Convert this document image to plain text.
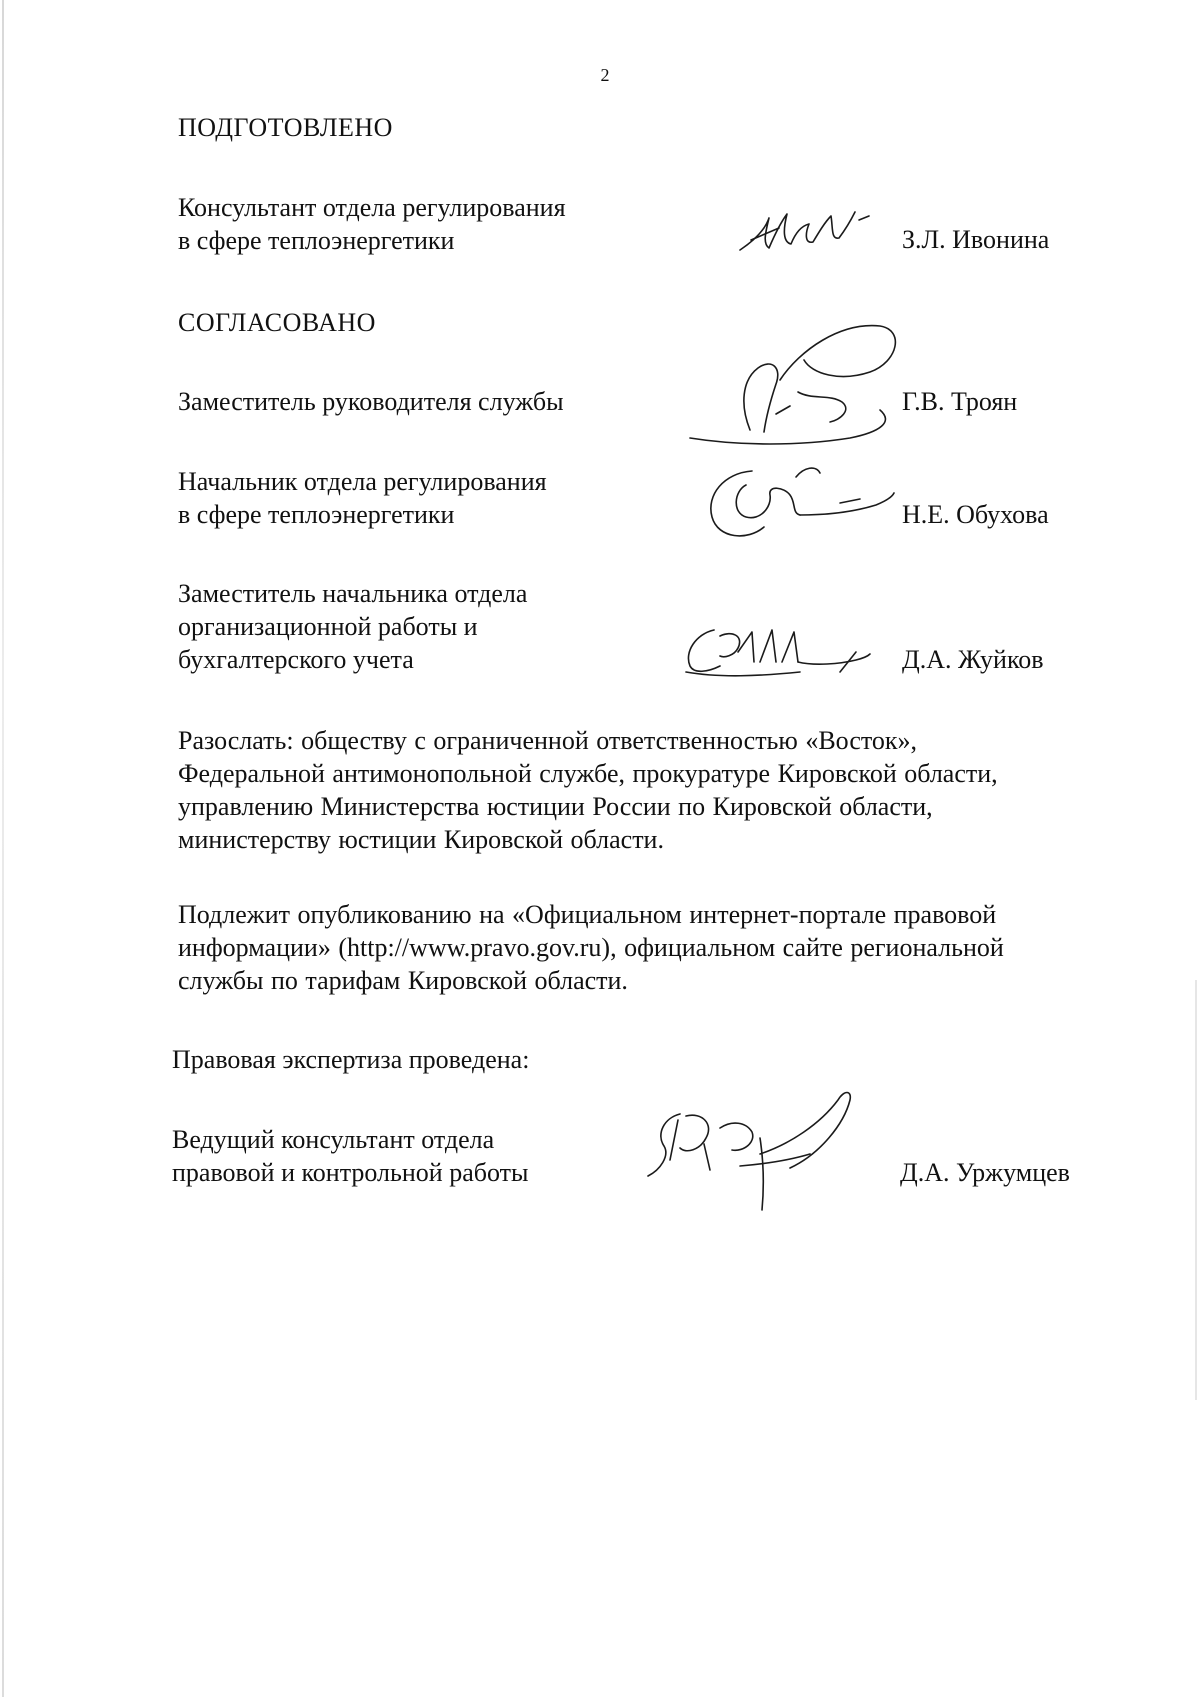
2
ПОДГОТОВЛЕНО
Консультант отдела регулирования
в сфере теплоэнергетики	З.Л. Ивонина
СОГЛАСОВАНО
Заместитель руководителя службы	Г.В. Троян
Начальник отдела регулирования
в сфере теплоэнергетики	Н.Е. Обухова
Заместитель начальника отдела
организационной работы и
бухгалтерского учета	Д.А. Жуйков
Разослать: обществу с ограниченной ответственностью «Восток»,
Федеральной антимонопольной службе, прокуратуре Кировской области,
управлению Министерства юстиции России по Кировской области,
министерству юстиции Кировской области.
Подлежит опубликованию на «Официальном интернет-портале правовой
информации» (http://www.pravo.gov.ru), официальном сайте региональной
службы по тарифам Кировской области.
Правовая экспертиза проведена:
Ведущий консультант отдела
правовой и контрольной работы	Д.А. Уржумцев
